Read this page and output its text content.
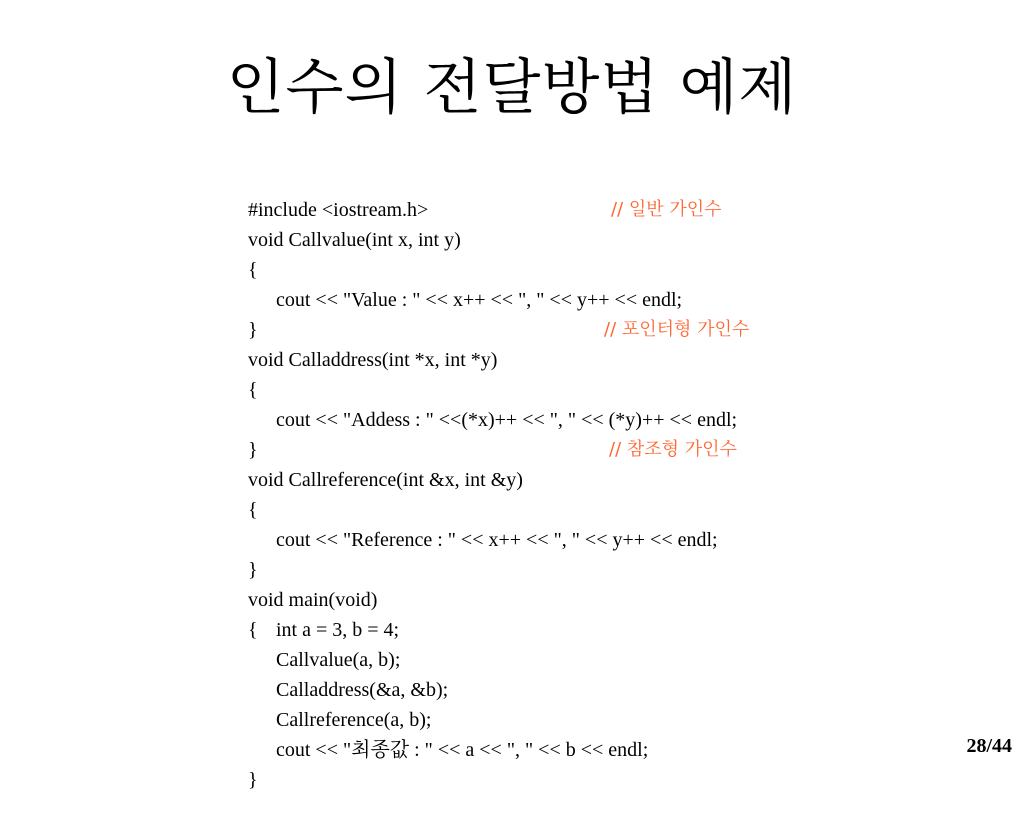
인수의 전달방법 예제

#include <iostream.h>

void Callvalue(int x, int y)

// 일반 가인수

{

cout << "Value : " << x++ << ", " << y++ << endl;

}

void Calladdress(int *x, int *y)

// 포인터형 가인수

{

cout << "Addess : " <<(*x)++ << ", " << (*y)++ << endl;

}

void Callreference(int &x, int &y)

// 참조형 가인수

{

cout << "Reference : " << x++ << ", " << y++ << endl;

}

void main(void)

{ int a = 3, b = 4;

Callvalue(a, b);

Calladdress(&a, &b);

Callreference(a, b);

cout << "최종값 : " << a << ", " << b << endl;

}

28/44
